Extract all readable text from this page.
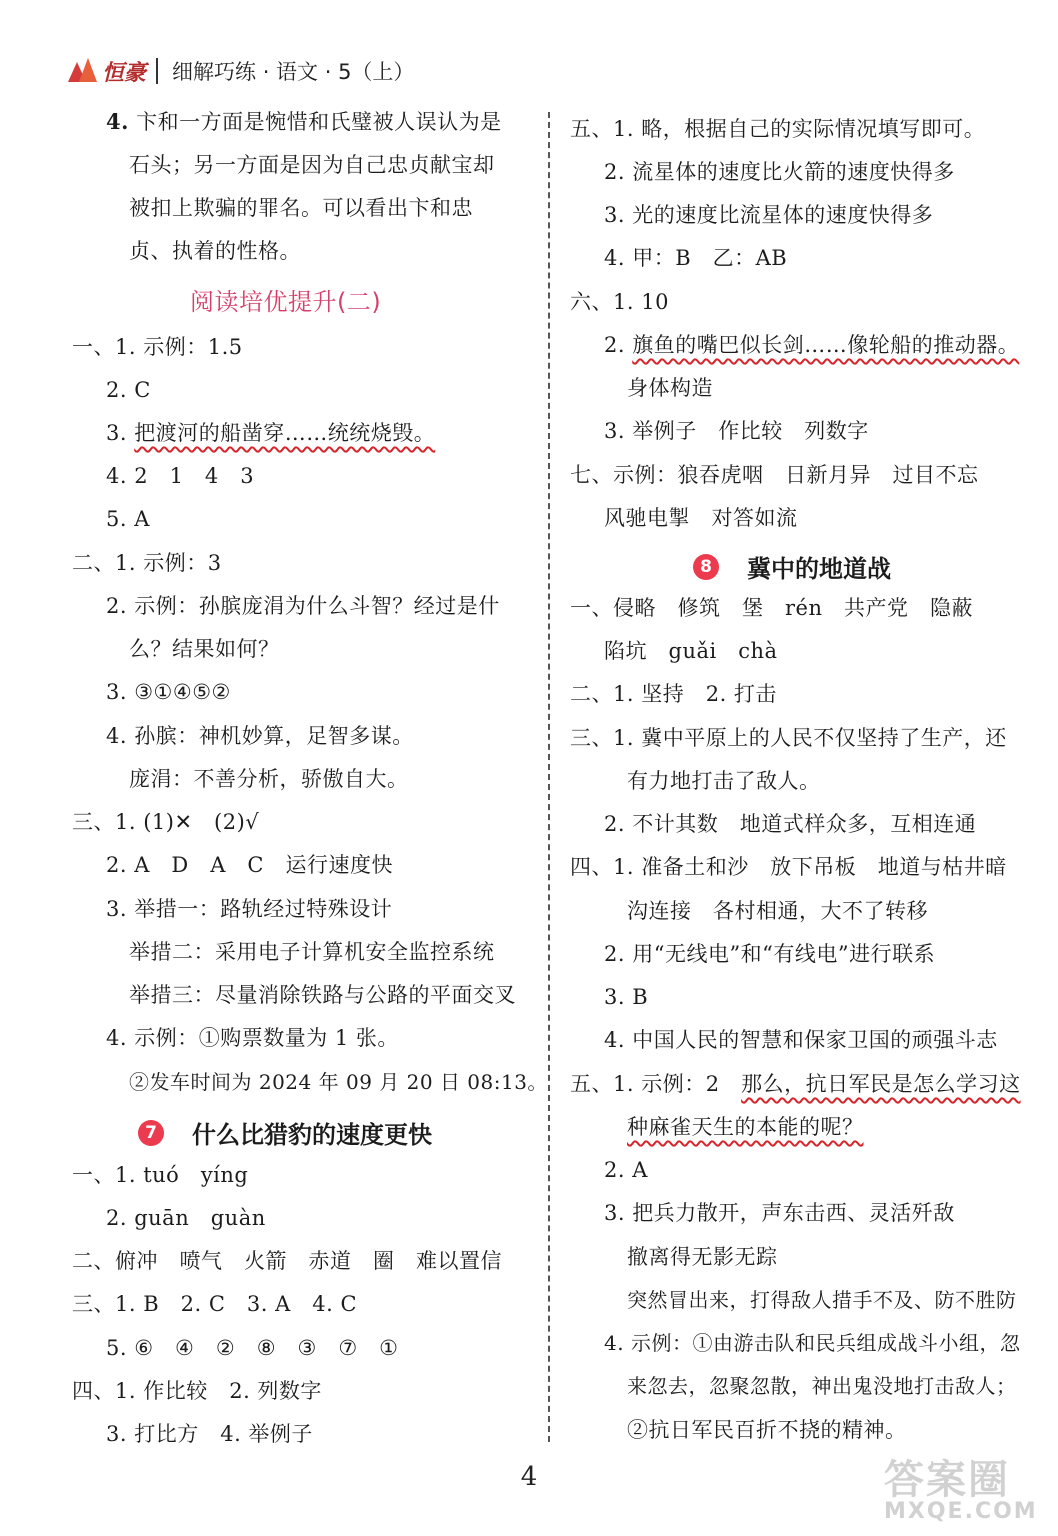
恒豪 细解巧练 · 语文 · 5（上）
4. 卞和一方面是惋惜和氏璧被人误认为是
石头；另一方面是因为自己忠贞献宝却
被扣上欺骗的罪名。可以看出卞和忠
贞、执着的性格。
阅读培优提升(二)
一、1. 示例：1.5
2. C
3. 把渡河的船凿穿……统统烧毁。
4. 2　1　4　3
5. A
二、1. 示例：3
2. 示例：孙膑庞涓为什么斗智？经过是什
么？结果如何？
3. ③①④⑤②
4. 孙膑：神机妙算，足智多谋。
庞涓：不善分析，骄傲自大。
三、1. (1)✕　(2)√
2. A　D　A　C　运行速度快
3. 举措一：路轨经过特殊设计
举措二：采用电子计算机安全监控系统
举措三：尽量消除铁路与公路的平面交叉
4. 示例：①购票数量为 1 张。
②发车时间为 2024 年 09 月 20 日 08:13。
7 什么比猎豹的速度更快
一、1. tuó　yíng
2. guān　guàn
二、俯冲　喷气　火箭　赤道　圈　难以置信
三、1. B　2. C　3. A　4. C
5. ⑥　④　②　⑧　③　⑦　①
四、1. 作比较　2. 列数字
3. 打比方　4. 举例子
五、1. 略，根据自己的实际情况填写即可。
2. 流星体的速度比火箭的速度快得多
3. 光的速度比流星体的速度快得多
4. 甲：B　乙：AB
六、1. 10
2. 旗鱼的嘴巴似长剑……像轮船的推动器。
身体构造
3. 举例子　作比较　列数字
七、示例：狼吞虎咽　日新月异　过目不忘
风驰电掣　对答如流
8 冀中的地道战
一、侵略　修筑　堡　rén　共产党　隐蔽
陷坑　guǎi　chà
二、1. 坚持　2. 打击
三、1. 冀中平原上的人民不仅坚持了生产，还
有力地打击了敌人。
2. 不计其数　地道式样众多，互相连通
四、1. 准备土和沙　放下吊板　地道与枯井暗
沟连接　各村相通，大不了转移
2. 用“无线电”和“有线电”进行联系
3. B
4. 中国人民的智慧和保家卫国的顽强斗志
五、1. 示例：2　那么，抗日军民是怎么学习这
种麻雀天生的本能的呢？
2. A
3. 把兵力散开，声东击西、灵活歼敌
撤离得无影无踪
突然冒出来，打得敌人措手不及、防不胜防
4. 示例：①由游击队和民兵组成战斗小组，忽
来忽去，忽聚忽散，神出鬼没地打击敌人；
②抗日军民百折不挠的精神。
4	答案圈
MXQE.COM
